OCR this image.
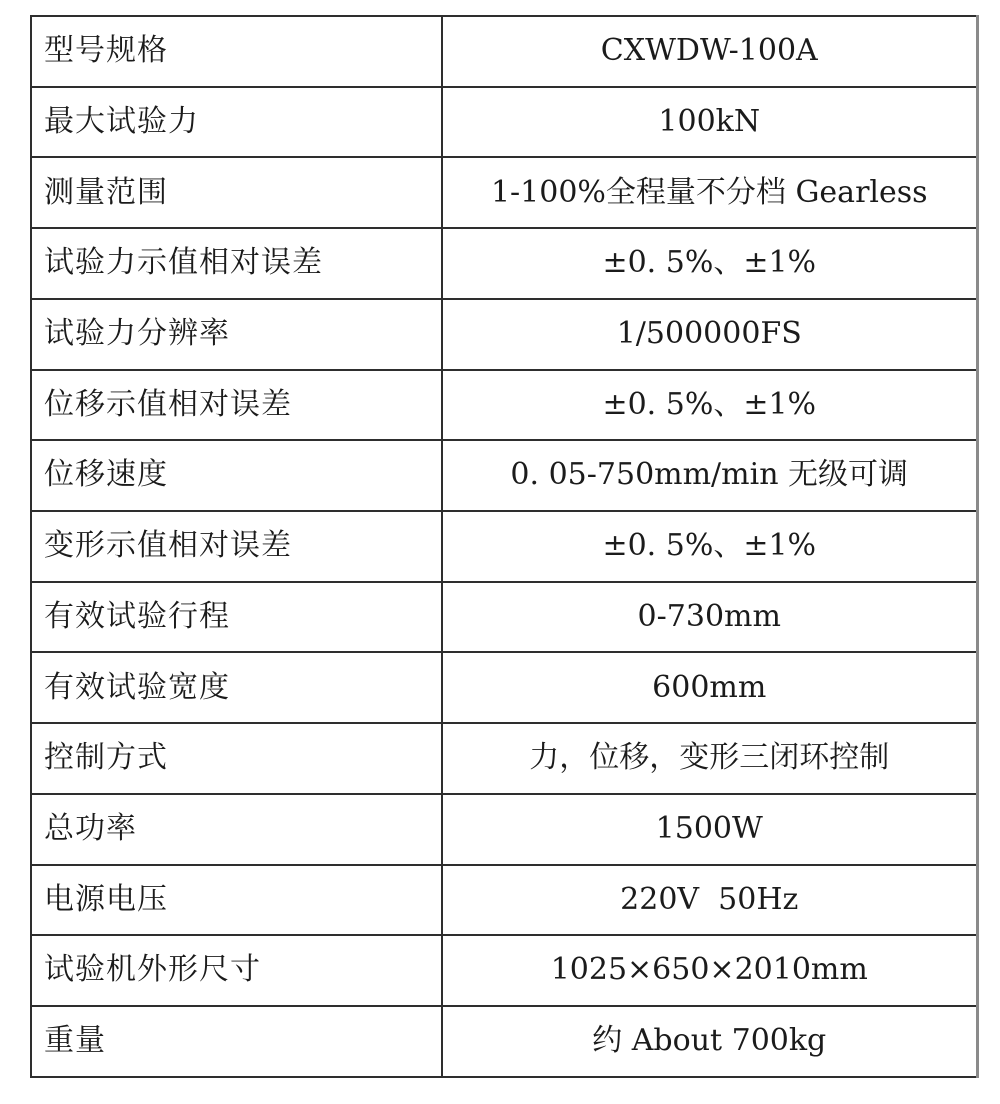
型号规格	CXWDW-100A
最大试验力	100kN
测量范围	1-100%全程量不分档 Gearless
试验力示值相对误差	±0. 5%、±1%
试验力分辨率	1/500000FS
位移示值相对误差	±0. 5%、±1%
位移速度	0. 05-750mm/min 无级可调
变形示值相对误差	±0. 5%、±1%
有效试验行程	0-730mm
有效试验宽度	600mm
控制方式	力，位移，变形三闭环控制
总功率	1500W
电源电压	220V  50Hz
试验机外形尺寸	1025×650×2010mm
重量	约 About 700kg
